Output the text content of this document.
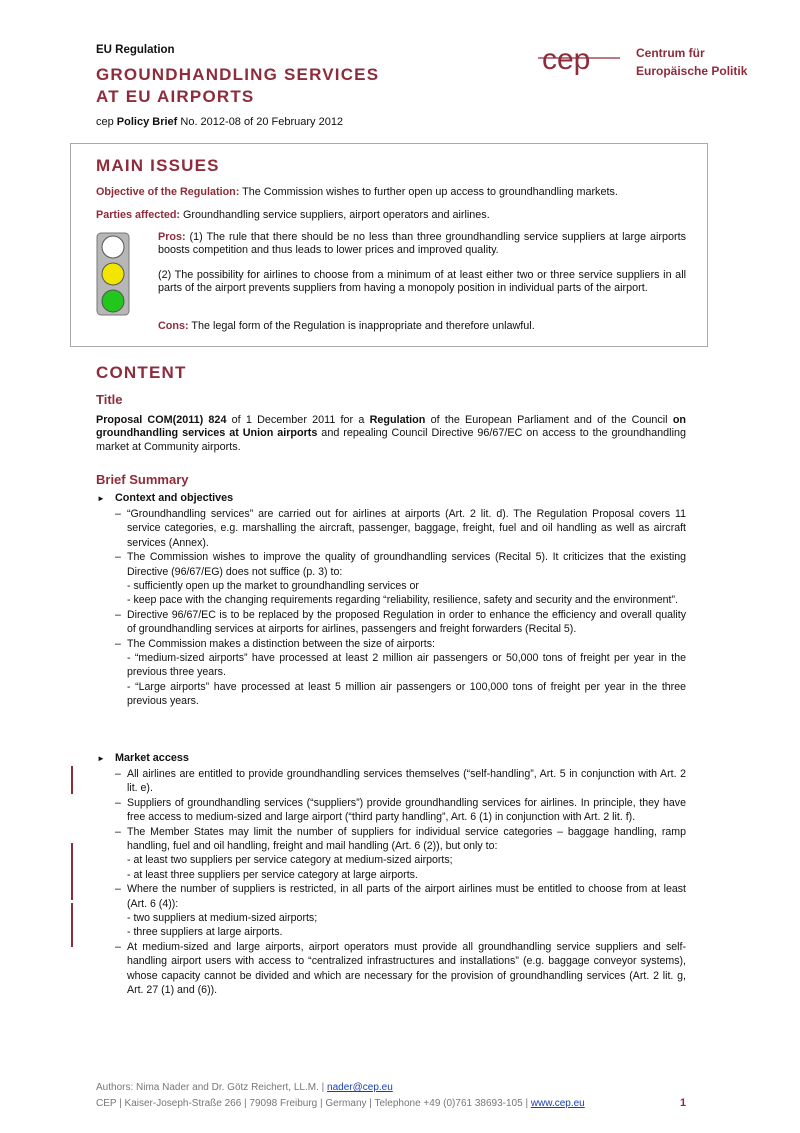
EU Regulation
GROUNDHANDLING SERVICES
AT EU AIRPORTS
cep Policy Brief No. 2012-08 of 20 February 2012
cep	Centrum für
Europäische Politik
MAIN ISSUES
Objective of the Regulation: The Commission wishes to further open up access to groundhandling markets.
Parties affected: Groundhandling service suppliers, airport operators and airlines.
Pros: (1) The rule that there should be no less than three groundhandling service suppliers at large airports boosts competition and thus leads to lower prices and improved quality.
(2) The possibility for airlines to choose from a minimum of at least either two or three service suppliers in all parts of the airport prevents suppliers from having a monopoly position in individual parts of the airport.
Cons: The legal form of the Regulation is inappropriate and therefore unlawful.
CONTENT
Title
Proposal COM(2011) 824 of 1 December 2011 for a Regulation of the European Parliament and of the Council on groundhandling services at Union airports and repealing Council Directive 96/67/EC on access to the groundhandling market at Community airports.
Brief Summary
► Context and objectives
– “Groundhandling services” are carried out for airlines at airports (Art. 2 lit. d). The Regulation Proposal covers 11 service categories, e.g. marshalling the aircraft, passenger, baggage, freight, fuel and oil handling as well as aircraft services (Annex).
– The Commission wishes to improve the quality of groundhandling services (Recital 5). It criticizes that the existing Directive (96/67/EG) does not suffice (p. 3) to:
- sufficiently open up the market to groundhandling services or
- keep pace with the changing requirements regarding “reliability, resilience, safety and security and the environment”.
– Directive 96/67/EC is to be replaced by the proposed Regulation in order to enhance the efficiency and overall quality of groundhandling services at airports for airlines, passengers and freight forwarders (Recital 5).
– The Commission makes a distinction between the size of airports:
- “medium-sized airports” have processed at least 2 million air passengers or 50,000 tons of freight per year in the previous three years.
- “Large airports” have processed at least 5 million air passengers or 100,000 tons of freight per year in the three previous years.
► Market access
– All airlines are entitled to provide groundhandling services themselves (“self-handling”, Art. 5 in conjunction with Art. 2 lit. e).
– Suppliers of groundhandling services (“suppliers”) provide groundhandling services for airlines. In principle, they have free access to medium-sized and large airport (“third party handling”, Art. 6 (1) in conjunction with Art. 2 lit. f).
– The Member States may limit the number of suppliers for individual service categories – baggage handling, ramp handling, fuel and oil handling, freight and mail handling (Art. 6 (2)), but only to:
- at least two suppliers per service category at medium-sized airports;
- at least three suppliers per service category at large airports.
– Where the number of suppliers is restricted, in all parts of the airport airlines must be entitled to choose from at least (Art. 6 (4)):
- two suppliers at medium-sized airports;
- three suppliers at large airports.
– At medium-sized and large airports, airport operators must provide all groundhandling service suppliers and self-handling airport users with access to “centralized infrastructures and installations” (e.g. baggage conveyor systems), whose capacity cannot be divided and which are necessary for the provision of groundhandling services (Art. 2 lit. g, Art. 27 (1) and (6)).
Authors: Nima Nader and Dr. Götz Reichert, LL.M. | nader@cep.eu
CEP | Kaiser-Joseph-Straße 266 | 79098 Freiburg | Germany | Telephone +49 (0)761 38693-105 | www.cep.eu	1
